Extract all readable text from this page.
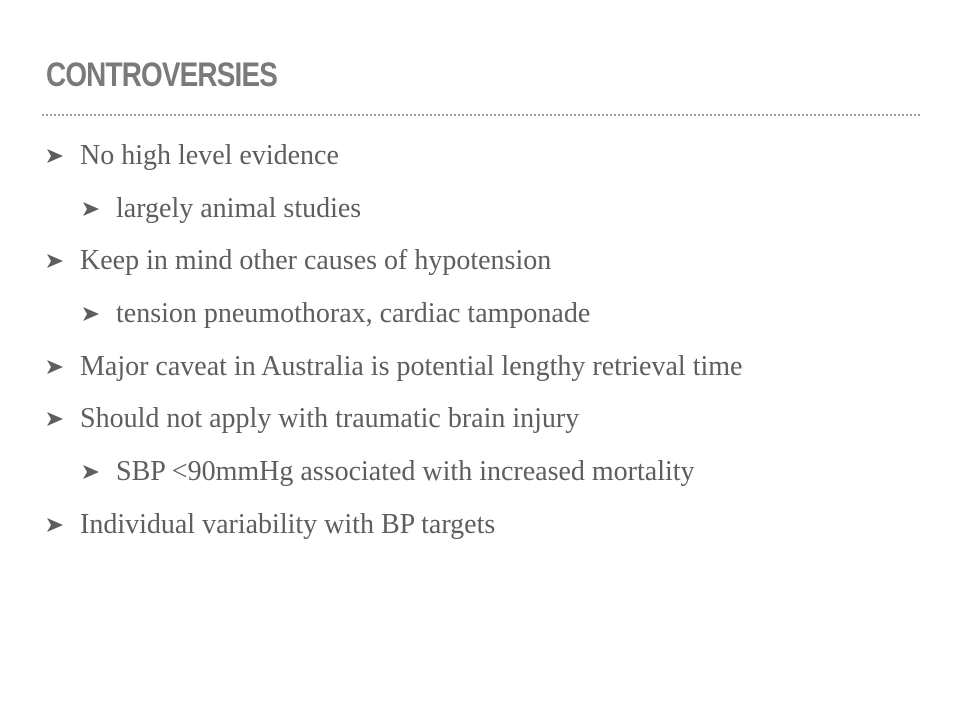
CONTROVERSIES
No high level evidence
largely animal studies
Keep in mind other causes of hypotension
tension pneumothorax, cardiac tamponade
Major caveat in Australia is potential lengthy retrieval time
Should not apply with traumatic brain injury
SBP <90mmHg associated with increased mortality
Individual variability with BP targets
